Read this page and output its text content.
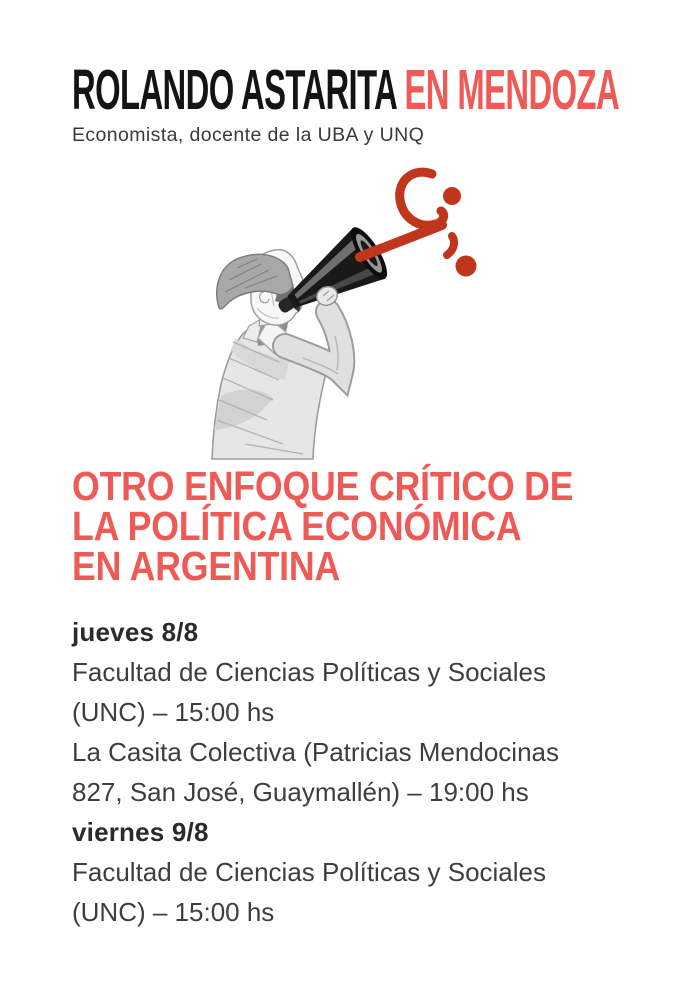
ROLANDO ASTARITA EN MENDOZA

Economista, docente de la UBA y UNQ

OTRO ENFOQUE CRÍTICO DE
LA POLÍTICA ECONÓMICA
EN ARGENTINA

jueves 8/8

Facultad de Ciencias Políticas y Sociales (UNC) – 15:00 hs

La Casita Colectiva (Patricias Mendocinas 827, San José, Guaymallén) – 19:00 hs

viernes 9/8

Facultad de Ciencias Políticas y Sociales (UNC) – 15:00 hs
